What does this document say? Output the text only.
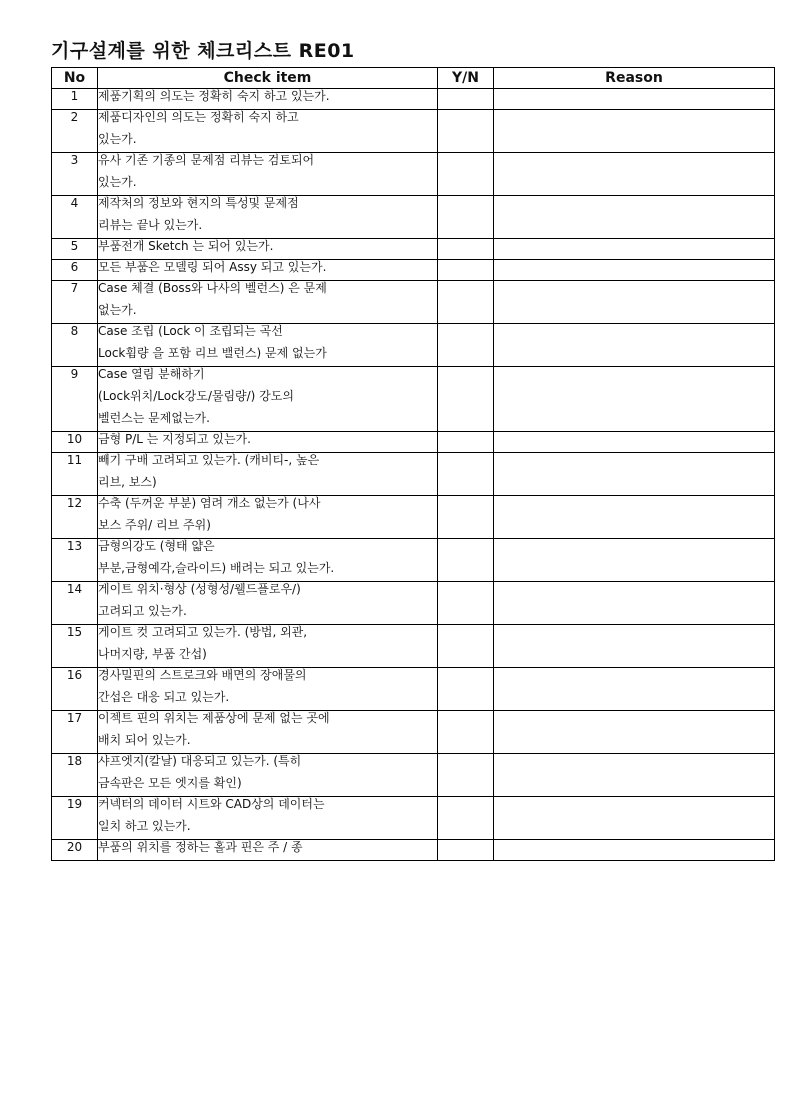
기구설계를 위한 체크리스트 RE01
No	Check item	Y/N	Reason
1	제품기획의 의도는 정확히 숙지 하고 있는가.		

2	제품디자인의 의도는 정확히 숙지 하고
있는가.		

3	유사 기존 기종의 문제점 리뷰는 검토되어
있는가.		

4	제작처의 정보와 현지의 특성및 문제점
리뷰는 끝나 있는가.		

5	부품전개 Sketch 는 되어 있는가.		

6	모든 부품은 모델링 되어 Assy 되고 있는가.		

7	Case 체결 (Boss와 나사의 벨런스) 은 문제
없는가.		

8	Case 조립 (Lock 이 조립되는 곡선
Lock휨량 을 포함 리브 밸런스) 문제 없는가		

9	Case 열림 분해하기
(Lock위치/Lock강도/물림량/) 강도의
벨런스는 문제없는가.		

10	금형 P/L 는 지정되고 있는가.		

11	빼기 구배 고려되고 있는가. (캐비티-, 높은
리브, 보스)		

12	수축 (두꺼운 부분) 염려 개소 없는가 (나사
보스 주위/ 리브 주위)		

13	금형의강도 (형태 얇은
부분,금형예각,슬라이드) 배려는 되고 있는가.		

14	게이트 위치·형상 (성형성/웰드플로우/)
고려되고 있는가.		

15	게이트 컷 고려되고 있는가. (방법, 외관,
나머지량, 부품 간섭)		

16	경사밀핀의 스트로크와 배면의 장애물의
간섭은 대응 되고 있는가.		

17	이젝트 핀의 위치는 제품상에 문제 없는 곳에
배치 되어 있는가.		

18	샤프엣지(칼날) 대응되고 있는가. (특히
금속판은 모든 엣지를 확인)		

19	커넥터의 데이터 시트와 CAD상의 데이터는
일치 하고 있는가.		

20	부품의 위치를 정하는 홀과 핀은 주 / 종		
